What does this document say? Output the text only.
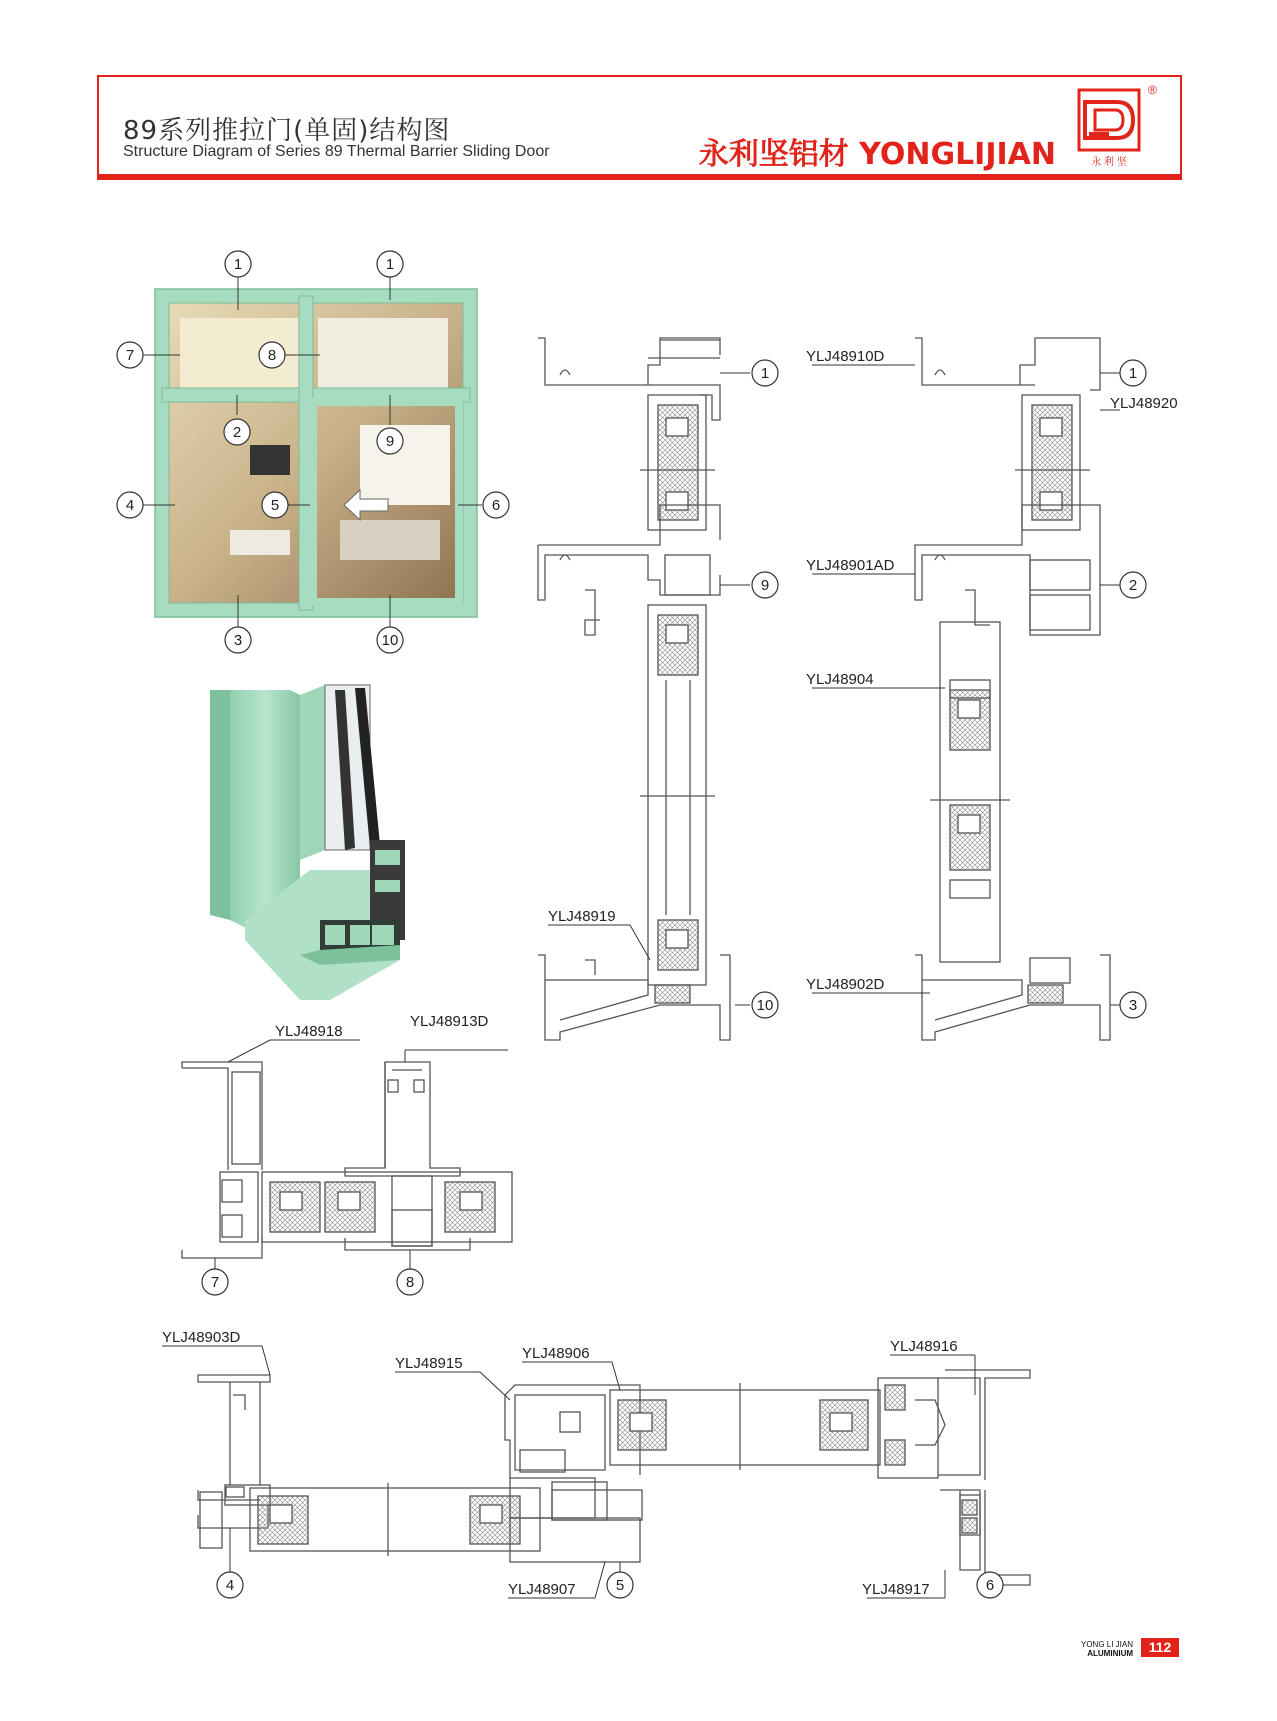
89系列推拉门(单固)结构图
Structure Diagram of Series 89 Thermal Barrier Sliding Door	永利坚铝材 YONGLIJIAN	永 利 坚
®
1	1
7	8
2
9
4	5	6
3	10
1
9
10
YLJ48919
1
2
3
YLJ48910D
YLJ48920
YLJ48901AD
YLJ48904
YLJ48902D
7	8
YLJ48918
YLJ48913D
4	5	6
YLJ48903D
YLJ48915
YLJ48906	YLJ48916
YLJ48907	YLJ48917
YONG LI JIAN
ALUMINIUM	112
